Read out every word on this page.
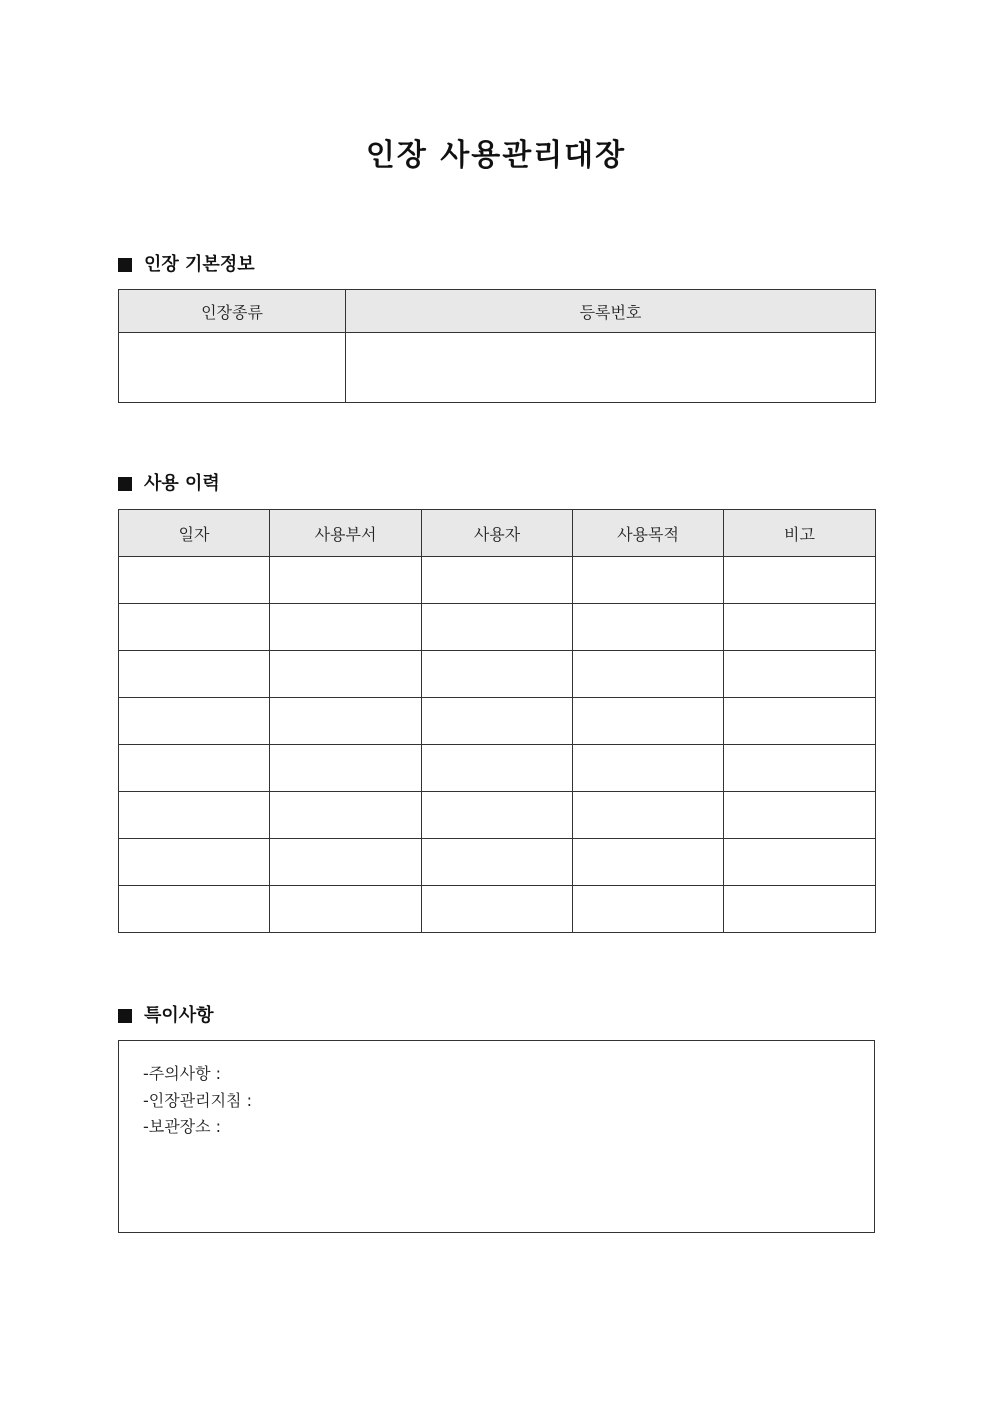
인장 사용관리대장
인장 기본정보
인장종류	등록번호

사용 이력
일자	사용부서	사용자	사용목적	비고

특이사항
-주의사항 :
-인장관리지침 :
-보관장소 :
